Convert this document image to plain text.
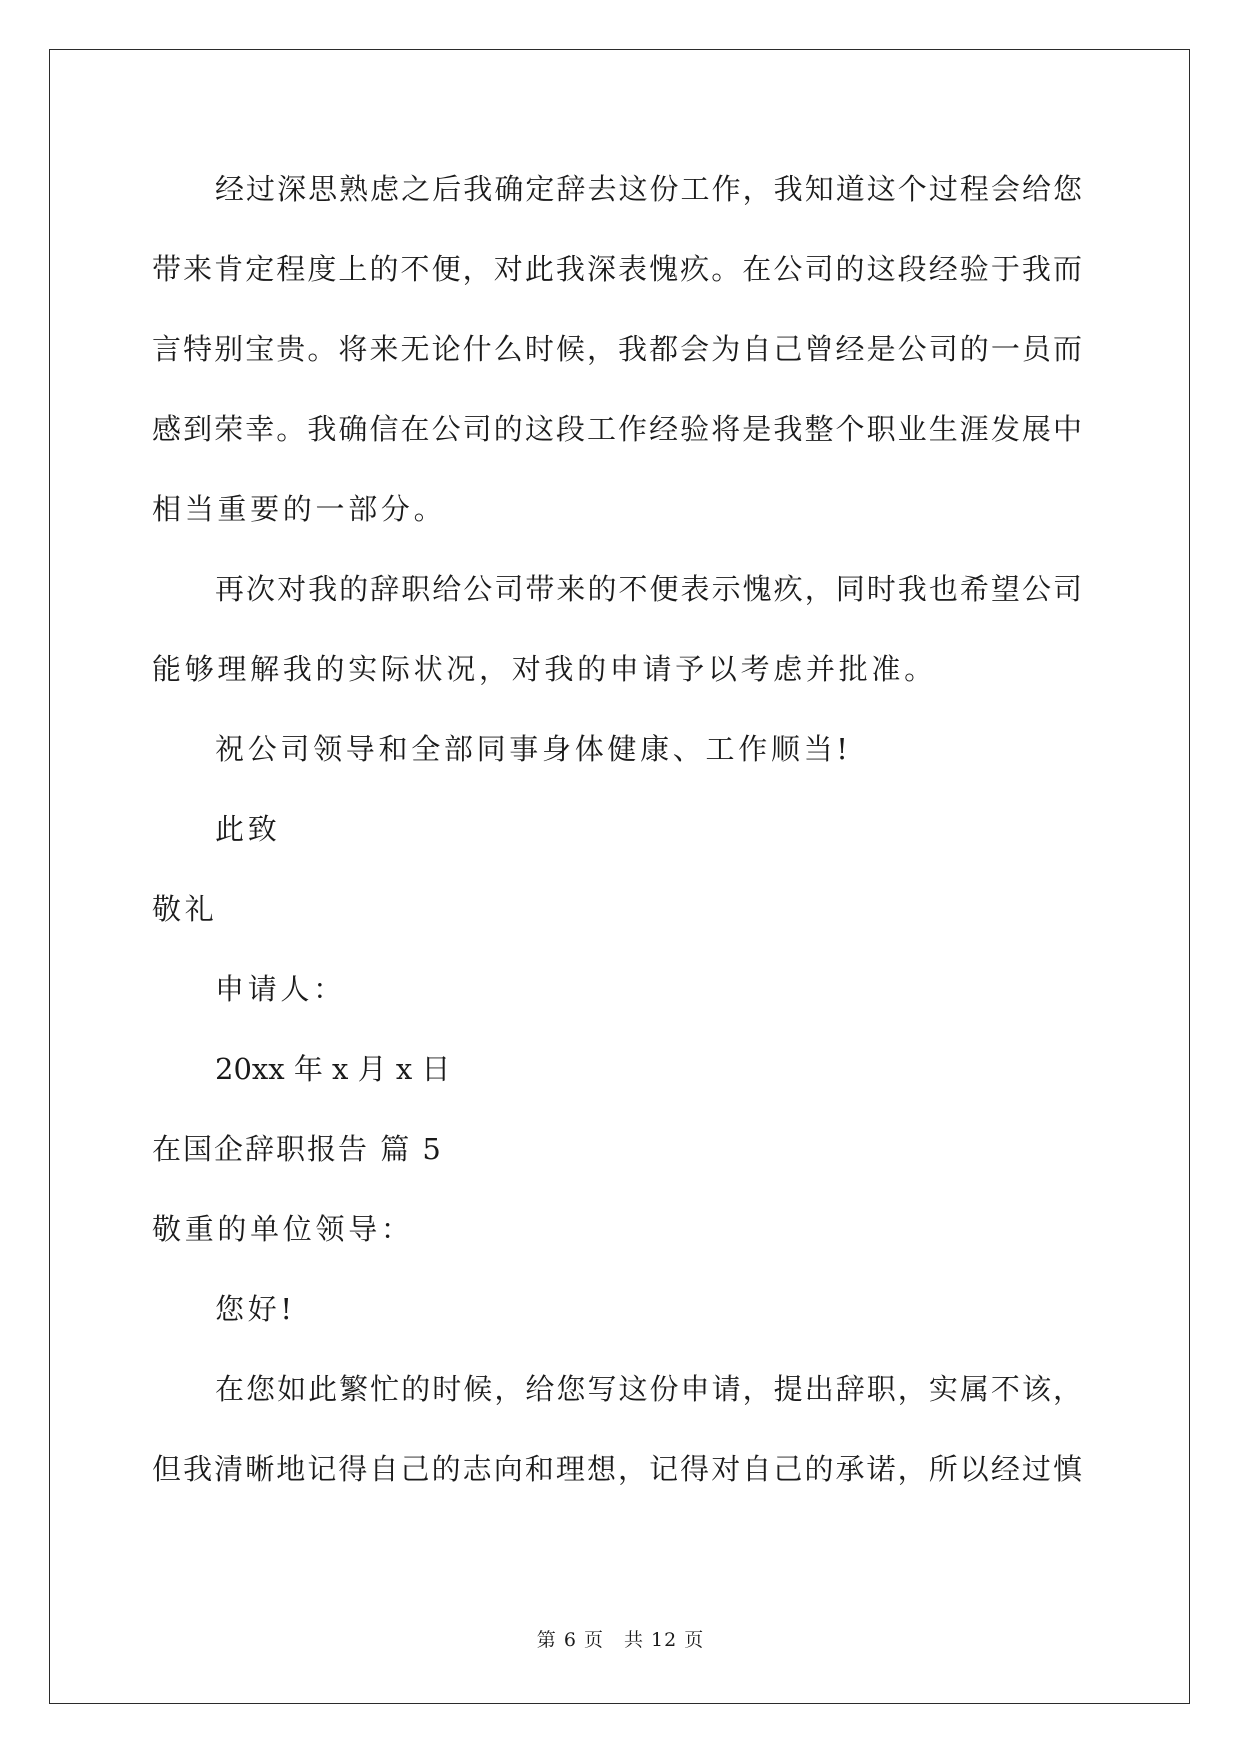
经过深思熟虑之后我确定辞去这份工作，我知道这个过程会给您
带来肯定程度上的不便，对此我深表愧疚。在公司的这段经验于我而
言特别宝贵。将来无论什么时候，我都会为自己曾经是公司的一员而
感到荣幸。我确信在公司的这段工作经验将是我整个职业生涯发展中
相当重要的一部分。
再次对我的辞职给公司带来的不便表示愧疚，同时我也希望公司
能够理解我的实际状况，对我的申请予以考虑并批准。
祝公司领导和全部同事身体健康、工作顺当!
此致
敬礼
申请人：
20xx 年 x 月 x 日
在国企辞职报告 篇 5
敬重的单位领导：
您好!
在您如此繁忙的时候，给您写这份申请，提出辞职，实属不该，
但我清晰地记得自己的志向和理想，记得对自己的承诺，所以经过慎
第 6 页　共 12 页
